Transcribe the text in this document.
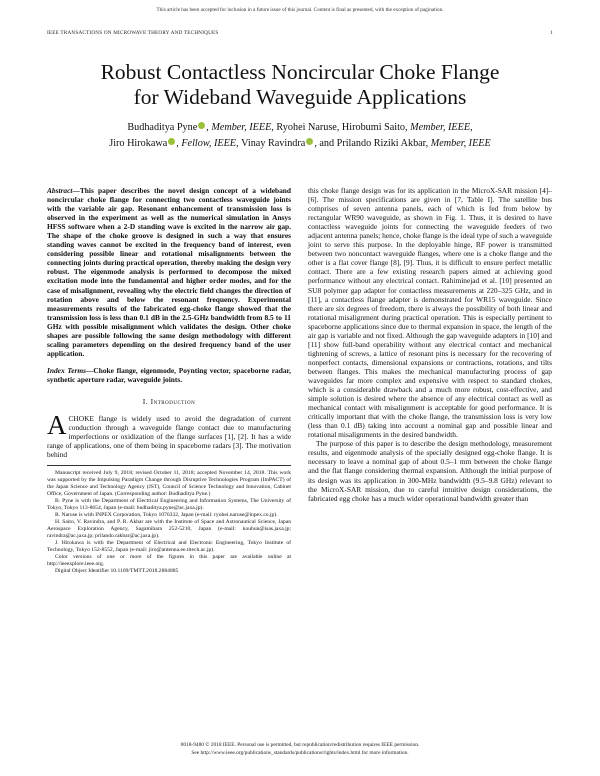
This article has been accepted for inclusion in a future issue of this journal. Content is final as presented, with the exception of pagination.
IEEE TRANSACTIONS ON MICROWAVE THEORY AND TECHNIQUES	1
Robust Contactless Noncircular Choke Flange
for Wideband Waveguide Applications
Budhaditya Pyne , Member, IEEE, Ryohei Naruse, Hirobumi Saito, Member, IEEE,
Jiro Hirokawa , Fellow, IEEE, Vinay Ravindra , and Prilando Riziki Akbar, Member, IEEE
Abstract—This paper describes the novel design concept of a wideband noncircular choke flange for connecting two contactless waveguide joints with the variable air gap. Resonant enhancement of transmission loss is observed in the experiment as well as the numerical simulation in Ansys HFSS software when a 2-D standing wave is excited in the narrow air gap. The shape of the choke groove is designed in such a way that ensures standing waves cannot be excited in the frequency band of interest, even considering possible linear and rotational misalignments between the connecting joints during practical operation, thereby making the design very robust. The eigenmode analysis is performed to decompose the mixed excitation mode into the fundamental and higher order modes, and for the case of misalignment, revealing why the electric field changes the direction of rotation above and below the resonant frequency. Experimental measurements results of the fabricated egg-choke flange showed that the transmission loss is less than 0.1 dB in the 2.5-GHz bandwidth from 8.5 to 11 GHz with possible misalignment which validates the design. Other choke shapes are possible following the same design methodology with different scaling parameters depending on the desired frequency band of the user application.
Index Terms—Choke flange, eigenmode, Poynting vector, spaceborne radar, synthetic aperture radar, waveguide joints.
I. Introduction

A CHOKE flange is widely used to avoid the degradation of current conduction through a waveguide flange contact due to manufacturing imperfections or oxidization of the flange surfaces [1], [2]. It has a wide range of applications, one of them being in spaceborne radars [3]. The motivation behind

Manuscript received July 9, 2018; revised October 11, 2018; accepted November 14, 2018. This work was supported by the Impulsing Paradigm Change through Disruptive Technologies Program (ImPACT) of the Japan Science and Technology Agency (JST), Council of Science Technology and Innovation, Cabinet Office, Government of Japan. (Corresponding author: Budhaditya Pyne.)

B. Pyne is with the Department of Electrical Engineering and Information Systems, The University of Tokyo, Tokyo 113-8654, Japan (e-mail: budhaditya.pyne@ac.jaxa.jp).

R. Naruse is with INPEX Corporation, Tokyo 1076332, Japan (e-mail: ryohei.naruse@inpex.co.jp).

H. Saito, V. Ravindra, and P. R. Akbar are with the Institute of Space and Astronautical Science, Japan Aerospace Exploration Agency, Sagamihara 252-5210, Japan (e-mail: koubun@isas.jaxa.jp; ravindra@ac.jaxa.jp; prilando.rakbar@ac.jaxa.jp).

J. Hirokawa is with the Department of Electrical and Electronic Engineering, Tokyo Institute of Technology, Tokyo 152-8552, Japan (e-mail: jiro@antenna.ee.titech.ac.jp).

Color versions of one or more of the figures in this paper are available online at http://ieeexplore.ieee.org.

Digital Object Identifier 10.1109/TMTT.2018.2884885

this choke flange design was for its application in the MicroX-SAR mission [4]–[6]. The mission specifications are given in [7, Table I]. The satellite bus comprises of seven antenna panels, each of which is fed from below by rectangular WR90 waveguide, as shown in Fig. 1. Thus, it is desired to have contactless waveguide joints for connecting the waveguide feeders of two adjacent antenna panels; hence, choke flange is the ideal type of such a waveguide joint to serve this purpose. In the deployable hinge, RF power is transmitted between two noncontact waveguide flanges, where one is a choke flange and the other is a flat cover flange [8], [9]. Thus, it is difficult to ensure perfect metallic contact. There are a few existing research papers aimed at achieving good performance without any electrical contact. Rahiminejad et al. [10] presented an SU8 polymer gap adapter for contactless measurements at 220–325 GHz, and in [11], a contactless flange adapter is demonstrated for WR15 waveguide. Since there are six degrees of freedom, there is always the possibility of both linear and rotational misalignment during practical operation. This is especially pertinent to spaceborne applications since due to thermal expansion in space, the length of the air gap is variable and not fixed. Although the gap waveguide adapters in [10] and [11] show full-band operability without any electrical contact and mechanical tightening of screws, a lattice of resonant pins is necessary for the recovering of nonperfect contacts, dimensional expansions or contractions, rotations, and tilts between flanges. This makes the mechanical manufacturing process of gap waveguides far more complex and expensive with respect to standard chokes, which is a considerable drawback and a much more robust, cost-effective, and simple solution is desired where the absence of any electrical contact as well as mechanical contact with misalignment is acceptable for good performance. It is critically important that with the choke flange, the transmission loss is very low (less than 0.1 dB) taking into account a nominal gap and possible linear and rotational misalignments in the desired bandwidth.

The purpose of this paper is to describe the design methodology, measurement results, and eigenmode analysis of the specially designed egg-choke flange. It is necessary to leave a nominal gap of about 0.5–1 mm between the choke flange and the flat flange considering thermal expansion. Although the initial purpose of its design was its application in 300-MHz bandwidth (9.5–9.8 GHz) relevant to the MicroX-SAR mission, due to careful intuitive design considerations, the fabricated egg choke has a much wider operational bandwidth greater than

0018-9480 © 2018 IEEE. Personal use is permitted, but republication/redistribution requires IEEE permission.
See http://www.ieee.org/publications_standards/publications/rights/index.html for more information.
